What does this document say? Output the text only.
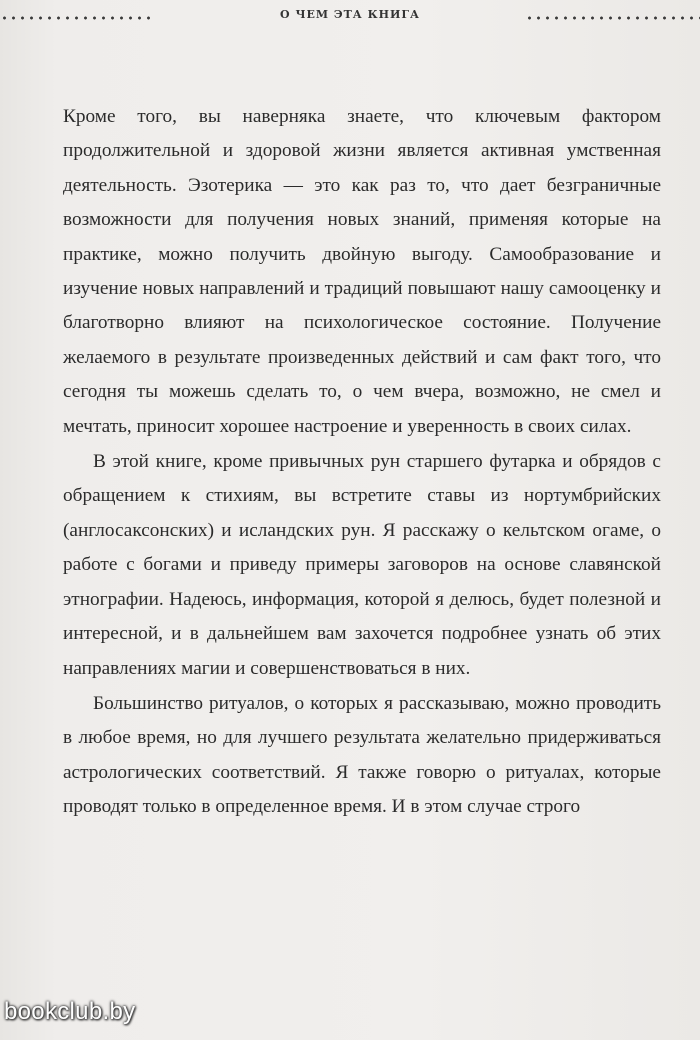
О ЧЕМ ЭТА КНИГА

Кроме того, вы наверняка знаете, что ключевым фактором продолжительной и здоровой жизни является активная умственная деятельность. Эзотерика — это как раз то, что дает безграничные возможности для получения новых знаний, применяя которые на практике, можно получить двойную выгоду. Самообразование и изучение новых направлений и традиций повышают нашу самооценку и благотворно влияют на психологическое состояние. Получение желаемого в результате произведенных действий и сам факт того, что сегодня ты можешь сделать то, о чем вчера, возможно, не смел и мечтать, приносит хорошее настроение и уверенность в своих силах.

В этой книге, кроме привычных рун старшего футарка и обрядов с обращением к стихиям, вы встретите ставы из нортумбрийских (англосаксонских) и исландских рун. Я расскажу о кельтском огаме, о работе с богами и приведу примеры заговоров на основе славянской этнографии. Надеюсь, информация, которой я делюсь, будет полезной и интересной, и в дальнейшем вам захочется подробнее узнать об этих направлениях магии и совершенствоваться в них.

Большинство ритуалов, о которых я рассказываю, можно проводить в любое время, но для лучшего результата желательно придерживаться астрологических соответствий. Я также говорю о ритуалах, которые проводят только в определенное время. И в этом случае строго

bookclub.by
